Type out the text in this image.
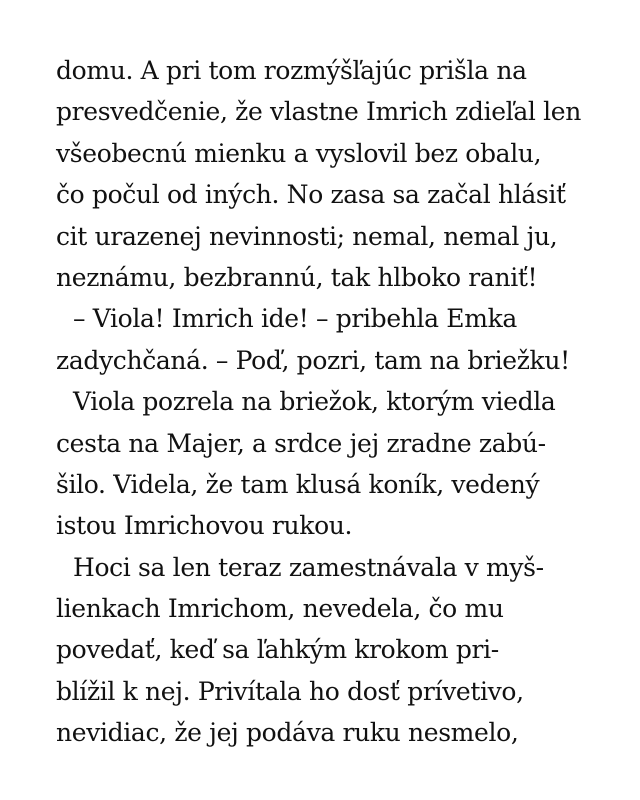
domu. A pri tom rozmýšľajúc prišla na
presvedčenie, že vlastne Imrich zdieľal len
všeobecnú mienku a vyslovil bez obalu,
čo počul od iných. No zasa sa začal hlásiť
cit urazenej nevinnosti; nemal, nemal ju,
neznámu, bezbrannú, tak hlboko raniť!
– Viola! Imrich ide! – pribehla Emka
zadychčaná. – Poď, pozri, tam na briežku!
Viola pozrela na briežok, ktorým viedla
cesta na Majer, a srdce jej zradne zabú-
šilo. Videla, že tam klusá koník, vedený
istou Imrichovou rukou.
Hoci sa len teraz zamestnávala v myš-
lienkach Imrichom, nevedela, čo mu
povedať, keď sa ľahkým krokom pri-
blížil k nej. Privítala ho dosť prívetivo,
nevidiac, že jej podáva ruku nesmelo,
